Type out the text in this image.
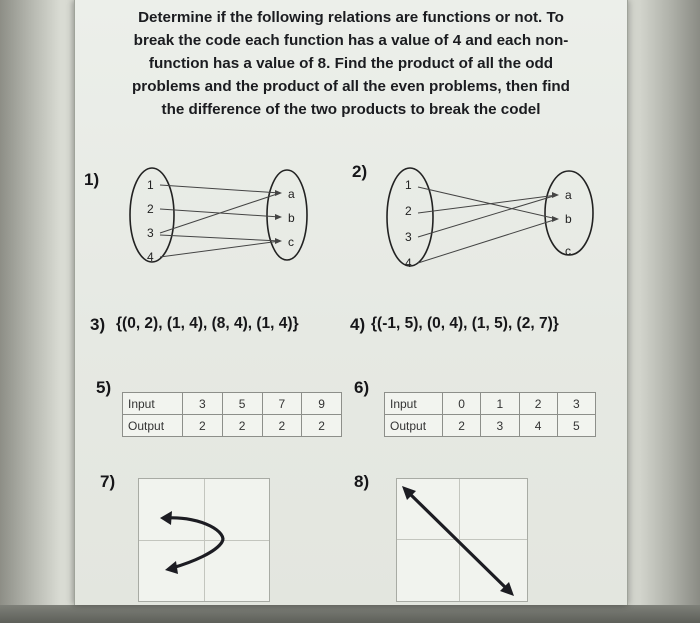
Determine if the following relations are functions or not. To
break the code each function has a value of 4 and each non-
function has a value of 8. Find the product of all the odd
problems and the product of all the even problems, then find
the difference of the two products to break the codel

1)	1
2
3
4
a
b
c
2)
1
2
3
4
a
b
c
3) {(0, 2), (1, 4), (8, 4), (1, 4)}	4) {(-1, 5), (0, 4), (1, 5), (2, 7)}
5)
Input	3	5	7	9
Output	2	2	2	2
6)
Input	0	1	2	3
Output	2	3	4	5
7)	8)
